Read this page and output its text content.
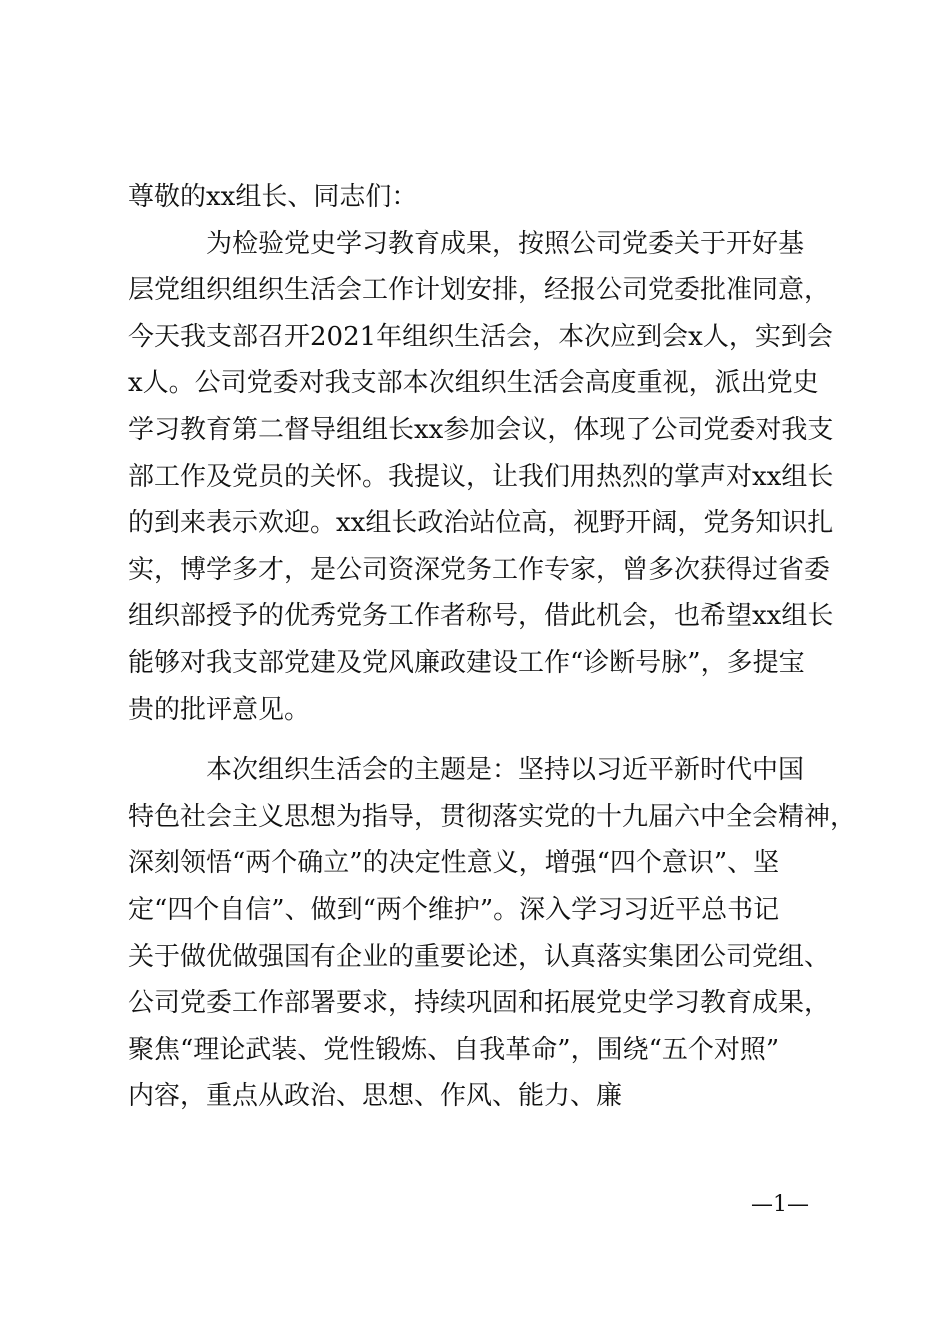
尊敬的xx组长、同志们：
　　　为检验党史学习教育成果，按照公司党委关于开好基
层党组织组织生活会工作计划安排，经报公司党委批准同意，
今天我支部召开2021年组织生活会，本次应到会x人，实到会
x人。公司党委对我支部本次组织生活会高度重视，派出党史
学习教育第二督导组组长xx参加会议，体现了公司党委对我支
部工作及党员的关怀。我提议，让我们用热烈的掌声对xx组长
的到来表示欢迎。xx组长政治站位高，视野开阔，党务知识扎
实，博学多才，是公司资深党务工作专家，曾多次获得过省委
组织部授予的优秀党务工作者称号，借此机会，也希望xx组长
能够对我支部党建及党风廉政建设工作“诊断号脉”，多提宝
贵的批评意见。
　　　本次组织生活会的主题是：坚持以习近平新时代中国
特色社会主义思想为指导，贯彻落实党的十九届六中全会精神，
深刻领悟“两个确立”的决定性意义，增强“四个意识”、坚
定“四个自信”、做到“两个维护”。深入学习习近平总书记
关于做优做强国有企业的重要论述，认真落实集团公司党组、
公司党委工作部署要求，持续巩固和拓展党史学习教育成果，
聚焦“理论武装、党性锻炼、自我革命”，围绕“五个对照”
内容，重点从政治、思想、作风、能力、廉
—1—
